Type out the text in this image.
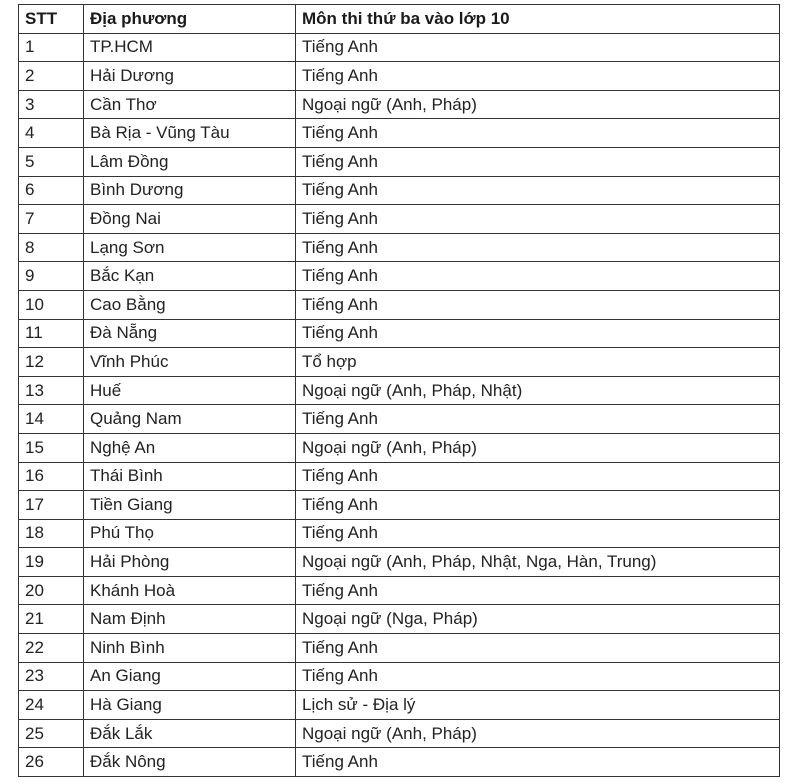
STT	Địa phương	Môn thi thứ ba vào lớp 10
1	TP.HCM	Tiếng Anh
2	Hải Dương	Tiếng Anh
3	Cần Thơ	Ngoại ngữ (Anh, Pháp)
4	Bà Rịa - Vũng Tàu	Tiếng Anh
5	Lâm Đồng	Tiếng Anh
6	Bình Dương	Tiếng Anh
7	Đồng Nai	Tiếng Anh
8	Lạng Sơn	Tiếng Anh
9	Bắc Kạn	Tiếng Anh
10	Cao Bằng	Tiếng Anh
11	Đà Nẵng	Tiếng Anh
12	Vĩnh Phúc	Tổ hợp
13	Huế	Ngoại ngữ (Anh, Pháp, Nhật)
14	Quảng Nam	Tiếng Anh
15	Nghệ An	Ngoại ngữ (Anh, Pháp)
16	Thái Bình	Tiếng Anh
17	Tiền Giang	Tiếng Anh
18	Phú Thọ	Tiếng Anh
19	Hải Phòng	Ngoại ngữ (Anh, Pháp, Nhật, Nga, Hàn, Trung)
20	Khánh Hoà	Tiếng Anh
21	Nam Định	Ngoại ngữ (Nga, Pháp)
22	Ninh Bình	Tiếng Anh
23	An Giang	Tiếng Anh
24	Hà Giang	Lịch sử - Địa lý
25	Đắk Lắk	Ngoại ngữ (Anh, Pháp)
26	Đắk Nông	Tiếng Anh
